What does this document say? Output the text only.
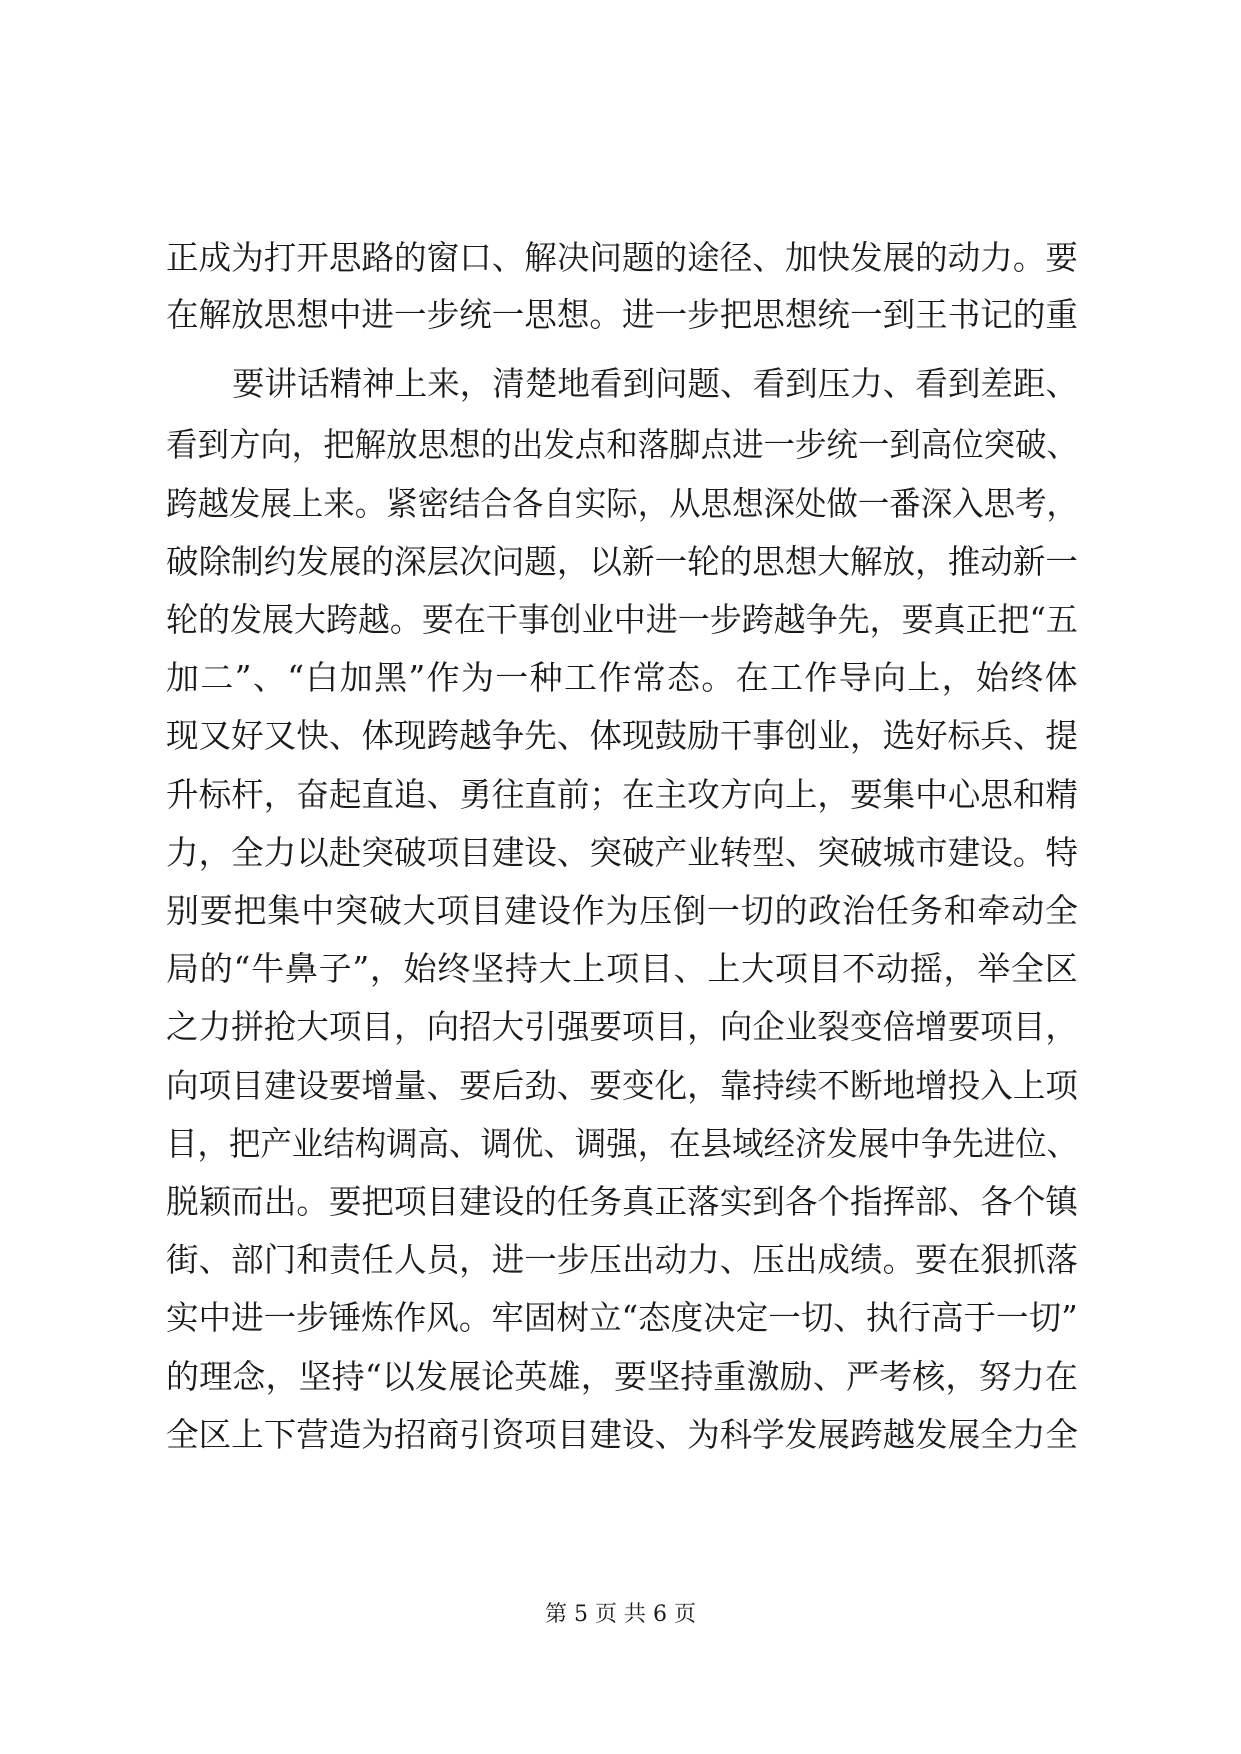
正成为打开思路的窗口、解决问题的途径、加快发展的动力。要
在解放思想中进一步统一思想。进一步把思想统一到王书记的重
要讲话精神上来，清楚地看到问题、看到压力、看到差距、
看到方向，把解放思想的出发点和落脚点进一步统一到高位突破、
跨越发展上来。紧密结合各自实际，从思想深处做一番深入思考，
破除制约发展的深层次问题，以新一轮的思想大解放，推动新一
轮的发展大跨越。要在干事创业中进一步跨越争先，要真正把“五
加二”、“白加黑”作为一种工作常态。在工作导向上，始终体
现又好又快、体现跨越争先、体现鼓励干事创业，选好标兵、提
升标杆，奋起直追、勇往直前；在主攻方向上，要集中心思和精
力，全力以赴突破项目建设、突破产业转型、突破城市建设。特
别要把集中突破大项目建设作为压倒一切的政治任务和牵动全
局的“牛鼻子”，始终坚持大上项目、上大项目不动摇，举全区
之力拼抢大项目，向招大引强要项目，向企业裂变倍增要项目，
向项目建设要增量、要后劲、要变化，靠持续不断地增投入上项
目，把产业结构调高、调优、调强，在县域经济发展中争先进位、
脱颖而出。要把项目建设的任务真正落实到各个指挥部、各个镇
街、部门和责任人员，进一步压出动力、压出成绩。要在狠抓落
实中进一步锤炼作风。牢固树立“态度决定一切、执行高于一切”
的理念，坚持“以发展论英雄，要坚持重激励、严考核，努力在
全区上下营造为招商引资项目建设、为科学发展跨越发展全力全
第 5 页 共 6 页
